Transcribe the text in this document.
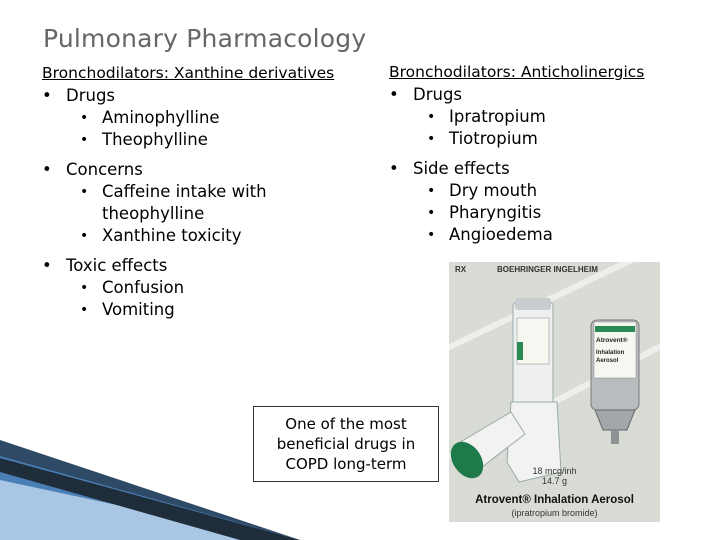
Pulmonary Pharmacology
Bronchodilators: Xanthine derivatives
• Drugs
• Aminophylline
• Theophylline
• Concerns
• Caffeine intake with theophylline
• Xanthine toxicity
• Toxic effects
• Confusion
• Vomiting
Bronchodilators: Anticholinergics
• Drugs
• Ipratropium
• Tiotropium
• Side effects
• Dry mouth
• Pharyngitis
• Angioedema
One of the most beneficial drugs in COPD long-term
Atrovent®
Inhalation
Aerosol
RX	BOEHRINGER INGELHEIM
18 mcg/inh
14.7 g
Atrovent® Inhalation Aerosol
(ipratropium bromide)
